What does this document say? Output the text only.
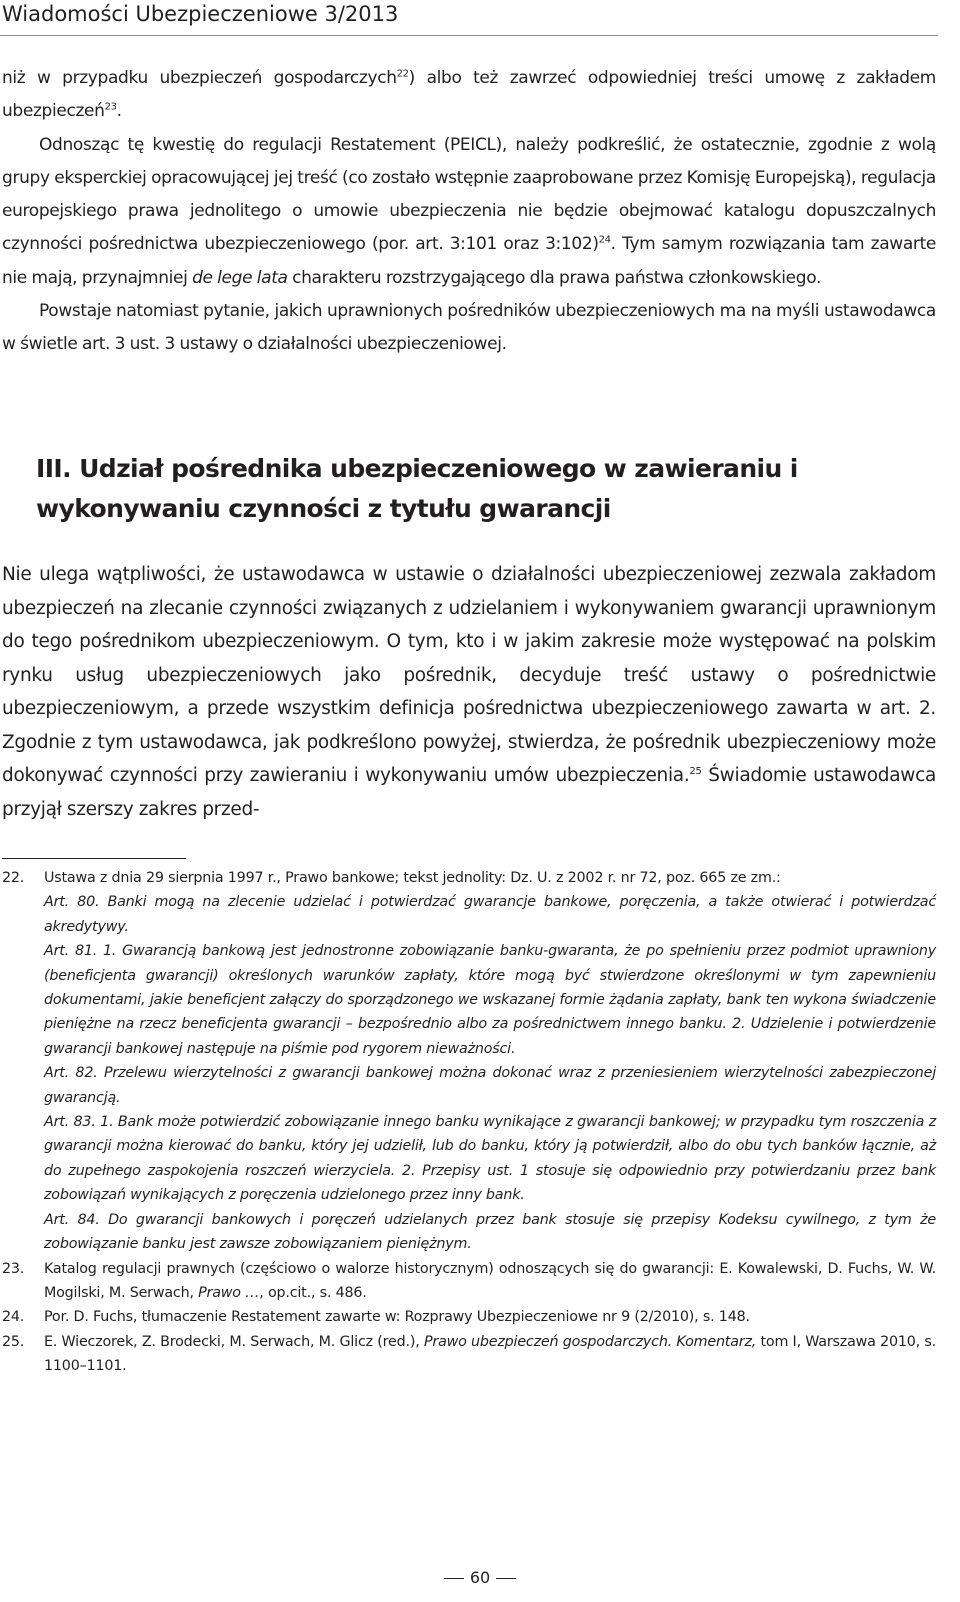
Wiadomości Ubezpieczeniowe 3/2013

niż w przypadku ubezpieczeń gospodarczych$^{22}$) albo też zawrzeć odpowiedniej treści umowę z zakładem ubezpieczeń$^{23}$.

Odnosząc tę kwestię do regulacji Restatement (PEICL), należy podkreślić, że ostatecznie, zgodnie z wolą grupy eksperckiej opracowującej jej treść (co zostało wstępnie zaaprobowane przez Komisję Europejską), regulacja europejskiego prawa jednolitego o umowie ubezpieczenia nie będzie obejmować katalogu dopuszczalnych czynności pośrednictwa ubezpieczeniowego (por. art. 3:101 oraz 3:102)$^{24}$. Tym samym rozwiązania tam zawarte nie mają, przynajmniej de lege lata charakteru rozstrzygającego dla prawa państwa członkowskiego.

Powstaje natomiast pytanie, jakich uprawnionych pośredników ubezpieczeniowych ma na myśli ustawodawca w świetle art. 3 ust. 3 ustawy o działalności ubezpieczeniowej.

III. Udział pośrednika ubezpieczeniowego w zawieraniu i wykonywaniu czynności z tytułu gwarancji

Nie ulega wątpliwości, że ustawodawca w ustawie o działalności ubezpieczeniowej zezwala zakładom ubezpieczeń na zlecanie czynności związanych z udzielaniem i wykonywaniem gwarancji uprawnionym do tego pośrednikom ubezpieczeniowym. O tym, kto i w jakim zakresie może występować na polskim rynku usług ubezpieczeniowych jako pośrednik, decyduje treść ustawy o pośrednictwie ubezpieczeniowym, a przede wszystkim definicja pośrednictwa ubezpieczeniowego zawarta w art. 2. Zgodnie z tym ustawodawca, jak podkreślono powyżej, stwierdza, że pośrednik ubezpieczeniowy może dokonywać czynności przy zawieraniu i wykonywaniu umów ubezpieczenia.$^{25}$ Świadomie ustawodawca przyjął szerszy zakres przed-

22. Ustawa z dnia 29 sierpnia 1997 r., Prawo bankowe; tekst jednolity: Dz. U. z 2002 r. nr 72, poz. 665 ze zm.:

Art. 80. Banki mogą na zlecenie udzielać i potwierdzać gwarancje bankowe, poręczenia, a także otwierać i potwierdzać akredytywy.

Art. 81. 1. Gwarancją bankową jest jednostronne zobowiązanie banku-gwaranta, że po spełnieniu przez podmiot uprawniony (beneficjenta gwarancji) określonych warunków zapłaty, które mogą być stwierdzone określonymi w tym zapewnieniu dokumentami, jakie beneficjent załączy do sporządzonego we wskazanej formie żądania zapłaty, bank ten wykona świadczenie pieniężne na rzecz beneficjenta gwarancji – bezpośrednio albo za pośrednictwem innego banku. 2. Udzielenie i potwierdzenie gwarancji bankowej następuje na piśmie pod rygorem nieważności.

Art. 82. Przelewu wierzytelności z gwarancji bankowej można dokonać wraz z przeniesieniem wierzytelności zabezpieczonej gwarancją.

Art. 83. 1. Bank może potwierdzić zobowiązanie innego banku wynikające z gwarancji bankowej; w przypadku tym roszczenia z gwarancji można kierować do banku, który jej udzielił, lub do banku, który ją potwierdził, albo do obu tych banków łącznie, aż do zupełnego zaspokojenia roszczeń wierzyciela. 2. Przepisy ust. 1 stosuje się odpowiednio przy potwierdzaniu przez bank zobowiązań wynikających z poręczenia udzielonego przez inny bank.

Art. 84. Do gwarancji bankowych i poręczeń udzielanych przez bank stosuje się przepisy Kodeksu cywilnego, z tym że zobowiązanie banku jest zawsze zobowiązaniem pieniężnym.

23. Katalog regulacji prawnych (częściowo o walorze historycznym) odnoszących się do gwarancji: E. Kowalewski, D. Fuchs, W. W. Mogilski, M. Serwach, Prawo …, op.cit., s. 486.

24. Por. D. Fuchs, tłumaczenie Restatement zawarte w: Rozprawy Ubezpieczeniowe nr 9 (2/2010), s. 148.

25. E. Wieczorek, Z. Brodecki, M. Serwach, M. Glicz (red.), Prawo ubezpieczeń gospodarczych. Komentarz, tom I, Warszawa 2010, s. 1100–1101.

60
